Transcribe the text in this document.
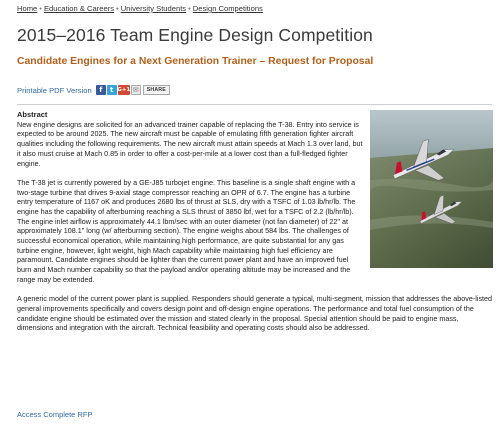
Home • Education & Careers • University Students • Design Competitions
2015–2016 Team Engine Design Competition
Candidate Engines for a Next Generation Trainer – Request for Proposal
Printable PDF Version	f	t G+1 ✉	SHARE
Abstract

New engine designs are solicited for an advanced trainer capable of replacing the T-38. Entry into service is expected to be around 2025. The new aircraft must be capable of emulating fifth generation fighter aircraft qualities including the following requirements. The new aircraft must attain speeds at Mach 1.3 over land, but it also must cruise at Mach 0.85 in order to offer a cost-per-mile at a lower cost than a full-fledged fighter engine.

The T-38 jet is currently powered by a GE-J85 turbojet engine. This baseline is a single shaft engine with a two-stage turbine that drives 9-axial stage compressor reaching an OPR of 6.7. The engine has a turbine entry temperature of 1167 oK and produces 2680 lbs of thrust at SLS, dry with a TSFC of 1.03 lb/hr/lb. The engine has the capability of afterburning reaching a SLS thrust of 3850 lbf, wet for a TSFC of 2.2 (lb/hr/lb). The engine inlet airflow is approximately 44.1 lbm/sec with an outer diameter (not fan diameter) of 22" at approximately 108.1" long (w/ afterburning section). The engine weighs about 584 lbs. The challenges of successful economical operation, while maintaining high performance, are quite substantial for any gas turbine engine, however, light weight, high Mach capability while maintaining high fuel efficiency are paramount. Candidate engines should be lighter than the current power plant and have an improved fuel burn and Mach number capability so that the payload and/or operating altitude may be increased and the range may be extended.

A generic model of the current power plant is supplied. Responders should generate a typical, multi-segment, mission that addresses the above-listed general improvements specifically and covers design point and off-design engine operations. The performance and total fuel consumption of the candidate engine should be estimated over the mission and stated clearly in the proposal. Special attention should be paid to engine mass, dimensions and integration with the aircraft. Technical feasibility and operating costs should also be addressed.

Access Complete RFP
